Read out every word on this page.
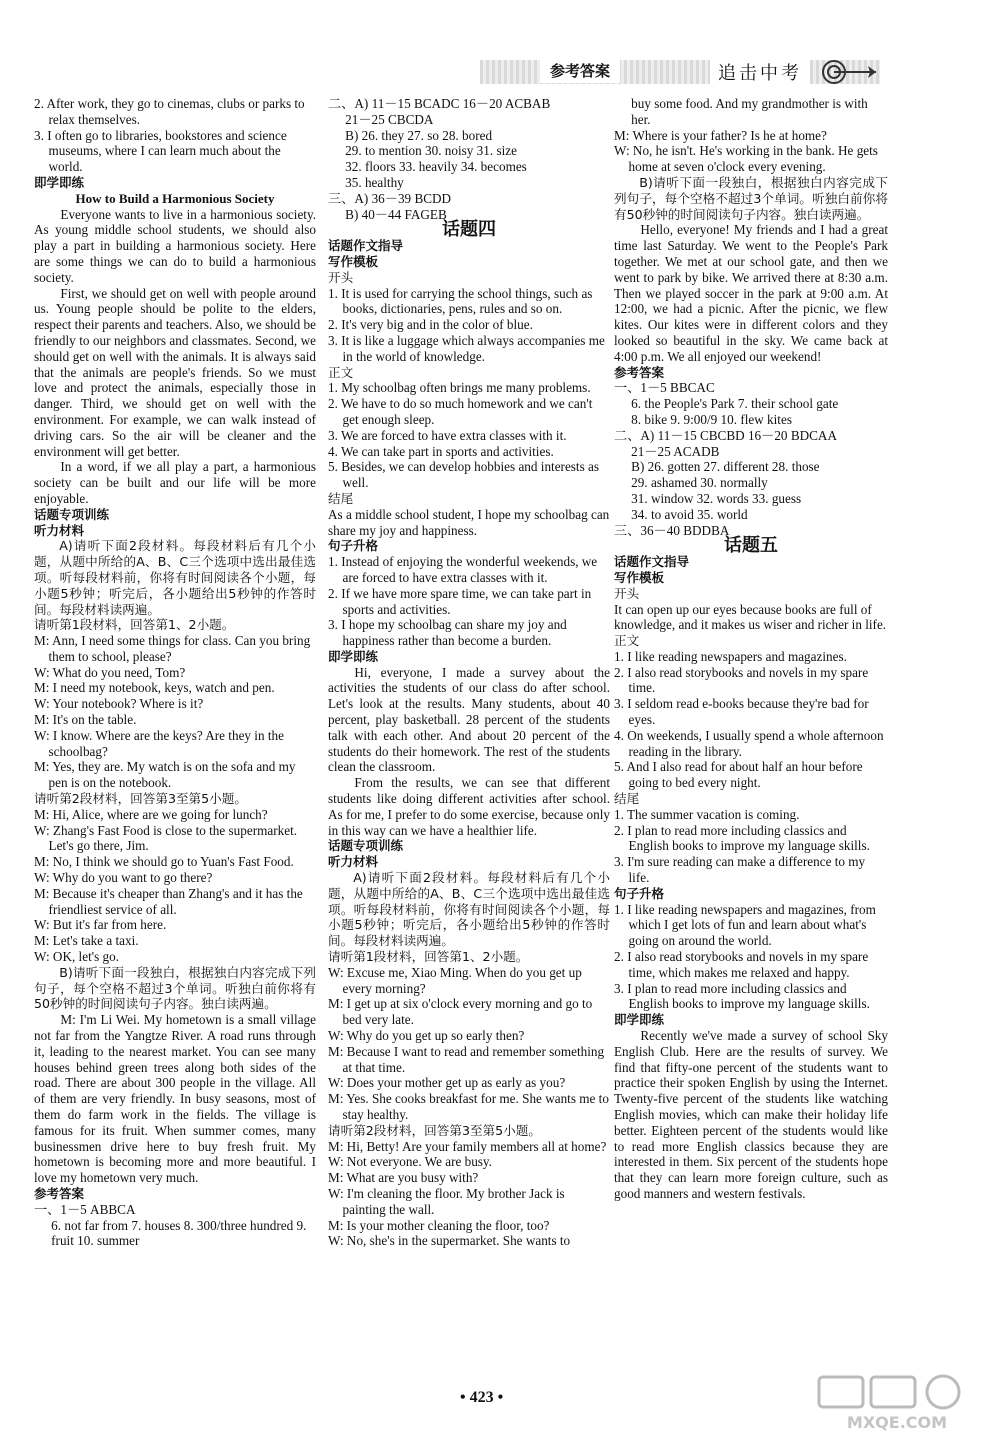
参考答案	追击中考

2. After work, they go to cinemas, clubs or parks to relax themselves.

3. I often go to libraries, bookstores and science museums, where I can learn much about the world.

即学即练

How to Build a Harmonious Society

Everyone wants to live in a harmonious society. As young middle school students, we should also play a part in building a harmonious society. Here are some things we can do to build a harmonious society.

First, we should get on well with people around us. Young people should be polite to the elders, respect their parents and teachers. Also, we should be friendly to our neighbors and classmates. Second, we should get on well with the animals. It is always said that the animals are people's friends. So we must love and protect the animals, especially those in danger. Third, we should get on well with the environment. For example, we can walk instead of driving cars. So the air will be cleaner and the environment will get better.

In a word, if we all play a part, a harmonious society can be built and our life will be more enjoyable.

话题专项训练

听力材料

A)请听下面2段材料。每段材料后有几个小题，从题中所给的A、B、C三个选项中选出最佳选项。听每段材料前，你将有时间阅读各个小题，每小题5秒钟；听完后，各小题给出5秒钟的作答时间。每段材料读两遍。

请听第1段材料，回答第1、2小题。

M: Ann, I need some things for class. Can you bring them to school, please?

W: What do you need, Tom?

M: I need my notebook, keys, watch and pen.

W: Your notebook? Where is it?

M: It's on the table.

W: I know. Where are the keys? Are they in the schoolbag?

M: Yes, they are. My watch is on the sofa and my pen is on the notebook.

请听第2段材料，回答第3至第5小题。

M: Hi, Alice, where are we going for lunch?

W: Zhang's Fast Food is close to the supermarket. Let's go there, Jim.

M: No, I think we should go to Yuan's Fast Food.

W: Why do you want to go there?

M: Because it's cheaper than Zhang's and it has the friendliest service of all.

W: But it's far from here.

M: Let's take a taxi.

W: OK, let's go.

B)请听下面一段独白，根据独白内容完成下列句子，每个空格不超过3个单词。听独白前你将有50秒钟的时间阅读句子内容。独白读两遍。

M: I'm Li Wei. My hometown is a small village not far from the Yangtze River. A road runs through it, leading to the nearest market. You can see many houses behind green trees along both sides of the road. There are about 300 people in the village. All of them are very friendly. In busy seasons, most of them do farm work in the fields. The village is famous for its fruit. When summer comes, many businessmen drive here to buy fresh fruit. My hometown is becoming more and more beautiful. I love my hometown very much.

参考答案

一、1－5 ABBCA

6. not far from 7. houses 8. 300/three hundred 9. fruit 10. summer

二、A) 11－15 BCADC 16－20 ACBAB

21－25 CBCDA

B) 26. they 27. so 28. bored

29. to mention 30. noisy 31. size

32. floors 33. heavily 34. becomes

35. healthy

三、A) 36－39 BCDD

B) 40－44 FAGEB

话题四

话题作文指导

写作模板

开头

1. It is used for carrying the school things, such as books, dictionaries, pens, rules and so on.

2. It's very big and in the color of blue.

3. It is like a luggage which always accompanies me in the world of knowledge.

正文

1. My schoolbag often brings me many problems.

2. We have to do so much homework and we can't get enough sleep.

3. We are forced to have extra classes with it.

4. We can take part in sports and activities.

5. Besides, we can develop hobbies and interests as well.

结尾

As a middle school student, I hope my schoolbag can share my joy and happiness.

句子升格

1. Instead of enjoying the wonderful weekends, we are forced to have extra classes with it.

2. If we have more spare time, we can take part in sports and activities.

3. I hope my schoolbag can share my joy and happiness rather than become a burden.

即学即练

Hi, everyone, I made a survey about the activities the students of our class do after school. Let's look at the results. Many students, about 40 percent, play basketball. 28 percent of the students talk with each other. And about 20 percent of the students do their homework. The rest of the students clean the classroom.

From the results, we can see that different students like doing different activities after school. As for me, I prefer to do some exercise, because only in this way can we have a healthier life.

话题专项训练

听力材料

A)请听下面2段材料。每段材料后有几个小题，从题中所给的A、B、C三个选项中选出最佳选项。听每段材料前，你将有时间阅读各个小题，每小题5秒钟；听完后，各小题给出5秒钟的作答时间。每段材料读两遍。

请听第1段材料，回答第1、2小题。

W: Excuse me, Xiao Ming. When do you get up every morning?

M: I get up at six o'clock every morning and go to bed very late.

W: Why do you get up so early then?

M: Because I want to read and remember something at that time.

W: Does your mother get up as early as you?

M: Yes. She cooks breakfast for me. She wants me to stay healthy.

请听第2段材料，回答第3至第5小题。

M: Hi, Betty! Are your family members all at home?

W: Not everyone. We are busy.

M: What are you busy with?

W: I'm cleaning the floor. My brother Jack is painting the wall.

M: Is your mother cleaning the floor, too?

W: No, she's in the supermarket. She wants to

buy some food. And my grandmother is with her.

M: Where is your father? Is he at home?

W: No, he isn't. He's working in the bank. He gets home at seven o'clock every evening.

B)请听下面一段独白，根据独白内容完成下列句子，每个空格不超过3个单词。听独白前你将有50秒钟的时间阅读句子内容。独白读两遍。

Hello, everyone! My friends and I had a great time last Saturday. We went to the People's Park together. We met at our school gate, and then we went to park by bike. We arrived there at 8:30 a.m. Then we played soccer in the park at 9:00 a.m. At 12:00, we had a picnic. After the picnic, we flew kites. Our kites were in different colors and they looked so beautiful in the sky. We came back at 4:00 p.m. We all enjoyed our weekend!

参考答案

一、1－5 BBCAC

6. the People's Park 7. their school gate

8. bike 9. 9:00/9 10. flew kites

二、A) 11－15 CBCBD 16－20 BDCAA

21－25 ACADB

B) 26. gotten 27. different 28. those

29. ashamed 30. normally

31. window 32. words 33. guess

34. to avoid 35. world

三、36－40 BDDBA

话题五

话题作文指导

写作模板

开头

It can open up our eyes because books are full of knowledge, and it makes us wiser and richer in life.

正文

1. I like reading newspapers and magazines.

2. I also read storybooks and novels in my spare time.

3. I seldom read e-books because they're bad for eyes.

4. On weekends, I usually spend a whole afternoon reading in the library.

5. And I also read for about half an hour before going to bed every night.

结尾

1. The summer vacation is coming.

2. I plan to read more including classics and English books to improve my language skills.

3. I'm sure reading can make a difference to my life.

句子升格

1. I like reading newspapers and magazines, from which I get lots of fun and learn about what's going on around the world.

2. I also read storybooks and novels in my spare time, which makes me relaxed and happy.

3. I plan to read more including classics and English books to improve my language skills.

即学即练

Recently we've made a survey of school Sky English Club. Here are the results of survey. We find that fifty-one percent of the students want to practice their spoken English by using the Internet. Twenty-five percent of the students like watching English movies, which can make their holiday life better. Eighteen percent of the students would like to read more English classics because they are interested in them. Six percent of the students hope that they can learn more foreign culture, such as good manners and western festivals.

• 423 •
MXQE.COM
